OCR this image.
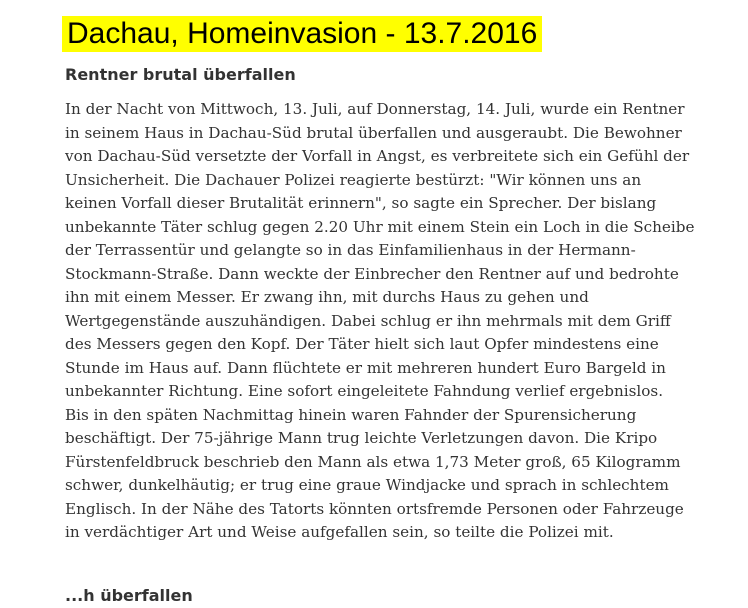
Dachau, Homeinvasion - 13.7.2016
Rentner brutal überfallen
In der Nacht von Mittwoch, 13. Juli, auf Donnerstag, 14. Juli, wurde ein Rentner
in seinem Haus in Dachau-Süd brutal überfallen und ausgeraubt. Die Bewohner
von Dachau-Süd versetzte der Vorfall in Angst, es verbreitete sich ein Gefühl der
Unsicherheit. Die Dachauer Polizei reagierte bestürzt: "Wir können uns an
keinen Vorfall dieser Brutalität erinnern", so sagte ein Sprecher. Der bislang
unbekannte Täter schlug gegen 2.20 Uhr mit einem Stein ein Loch in die Scheibe
der Terrassentür und gelangte so in das Einfamilienhaus in der Hermann-
Stockmann-Straße. Dann weckte der Einbrecher den Rentner auf und bedrohte
ihn mit einem Messer. Er zwang ihn, mit durchs Haus zu gehen und
Wertgegenstände auszuhändigen. Dabei schlug er ihn mehrmals mit dem Griff
des Messers gegen den Kopf. Der Täter hielt sich laut Opfer mindestens eine
Stunde im Haus auf. Dann flüchtete er mit mehreren hundert Euro Bargeld in
unbekannter Richtung. Eine sofort eingeleitete Fahndung verlief ergebnislos.
Bis in den späten Nachmittag hinein waren Fahnder der Spurensicherung
beschäftigt. Der 75-jährige Mann trug leichte Verletzungen davon. Die Kripo
Fürstenfeldbruck beschrieb den Mann als etwa 1,73 Meter groß, 65 Kilogramm
schwer, dunkelhäutig; er trug eine graue Windjacke und sprach in schlechtem
Englisch. In der Nähe des Tatorts könnten ortsfremde Personen oder Fahrzeuge
in verdächtiger Art und Weise aufgefallen sein, so teilte die Polizei mit.
...h überfallen
